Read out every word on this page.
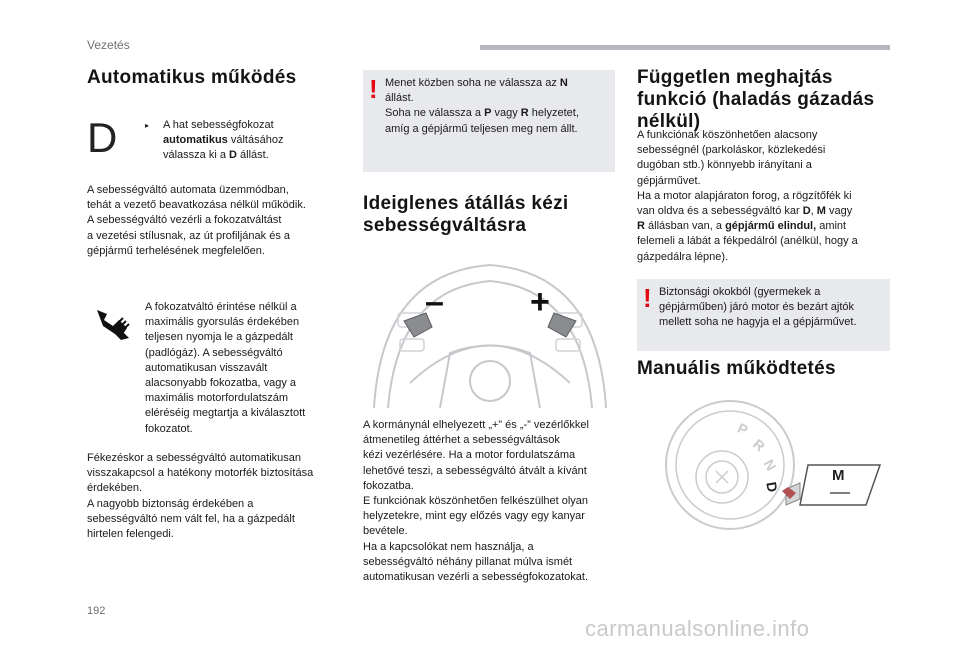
Vezetés
Automatikus működés
D	▸ A hat sebességfokozat
automatikus váltásához
válassza ki a D állást.

A sebességváltó automata üzemmódban,

tehát a vezető beavatkozása nélkül működik.

A sebességváltó vezérli a fokozatváltást

a vezetési stílusnak, az út profiljának és a

gépjármű terhelésének megfelelően.

A fokozatváltó érintése nélkül a

maximális gyorsulás érdekében

teljesen nyomja le a gázpedált

(padlógáz). A sebességváltó

automatikusan visszavált

alacsonyabb fokozatba, vagy a

maximális motorfordulatszám

eléréséig megtartja a kiválasztott

fokozatot.

Fékezéskor a sebességváltó automatikusan

visszakapcsol a hatékony motorfék biztosítása

érdekében.

A nagyobb biztonság érdekében a

sebességváltó nem vált fel, ha a gázpedált

hirtelen felengedi.

! Menet közben soha ne válassza az N

állást.

Soha ne válassza a P vagy R helyzetet,

amíg a gépjármű teljesen meg nem állt.

Ideiglenes átállás kézi
sebességváltásra
–	+

A kormánynál elhelyezett „+” és „-” vezérlőkkel

átmenetileg áttérhet a sebességváltások

kézi vezérlésére. Ha a motor fordulatszáma

lehetővé teszi, a sebességváltó átvált a kívánt

fokozatba.

E funkciónak köszönhetően felkészülhet olyan

helyzetekre, mint egy előzés vagy egy kanyar

bevétele.

Ha a kapcsolókat nem használja, a

sebességváltó néhány pillanat múlva ismét

automatikusan vezérli a sebességfokozatokat.

Független meghajtás
funkció (haladás gázadás
nélkül)

A funkciónak köszönhetően alacsony

sebességnél (parkoláskor, közlekedési

dugóban stb.) könnyebb irányítani a

gépjárművet.

Ha a motor alapjáraton forog, a rögzítőfék ki

van oldva és a sebességváltó kar D, M vagy

R állásban van, a gépjármű elindul, amint

felemeli a lábát a fékpedálról (anélkül, hogy a

gázpedálra lépne).

! Biztonsági okokból (gyermekek a

gépjárműben) járó motor és bezárt ajtók

mellett soha ne hagyja el a gépjárművet.

Manuális működtetés
P
R
N
D
M
192
carmanualsonline.info
